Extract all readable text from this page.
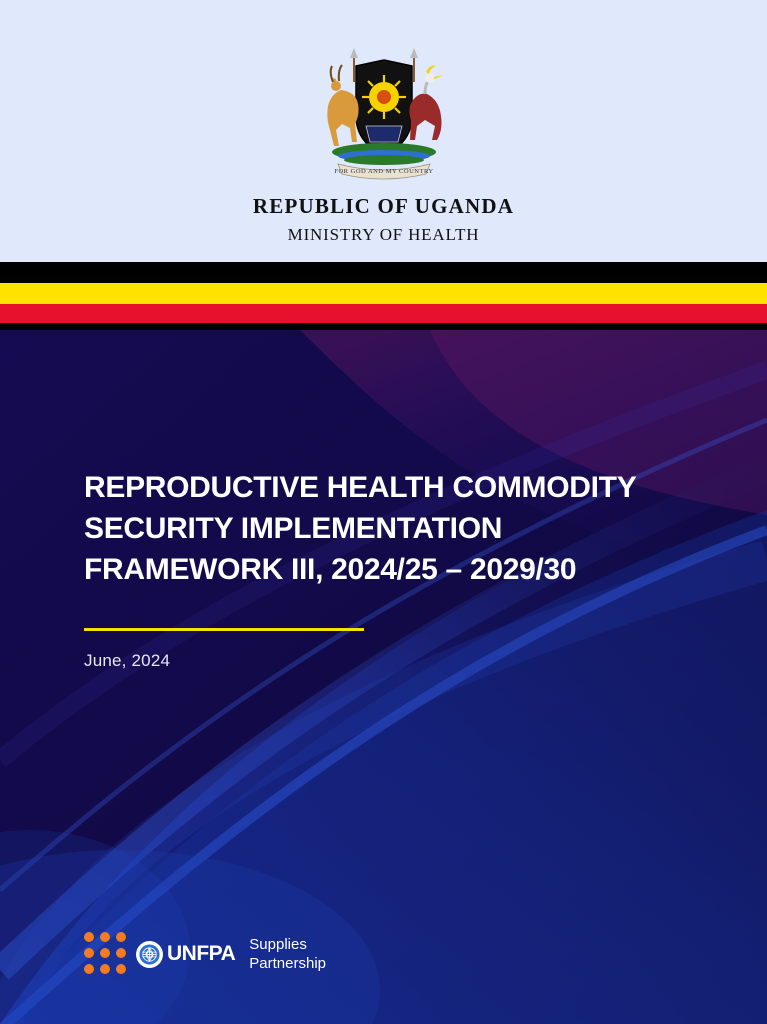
FOR GOD AND MY COUNTRY
REPUBLIC OF UGANDA
MINISTRY OF HEALTH
REPRODUCTIVE HEALTH COMMODITY
SECURITY IMPLEMENTATION
FRAMEWORK III, 2024/25 – 2029/30
June, 2024
UNFPA Supplies
Partnership
